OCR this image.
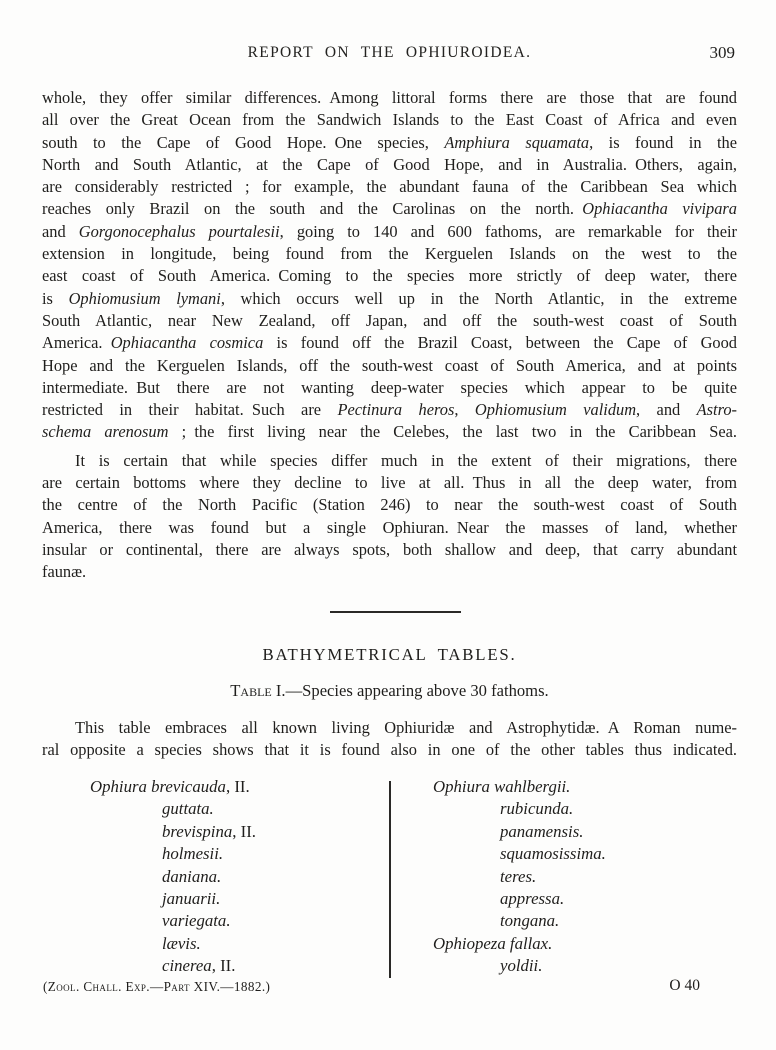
REPORT ON THE OPHIUROIDEA.	309
whole, they offer similar differences. Among littoral forms there are those that are found
all over the Great Ocean from the Sandwich Islands to the East Coast of Africa and even
south to the Cape of Good Hope. One species, Amphiura squamata, is found in the
North and South Atlantic, at the Cape of Good Hope, and in Australia. Others, again,
are considerably restricted ; for example, the abundant fauna of the Caribbean Sea which
reaches only Brazil on the south and the Carolinas on the north. Ophiacantha vivipara
and Gorgonocephalus pourtalesii, going to 140 and 600 fathoms, are remarkable for their
extension in longitude, being found from the Kerguelen Islands on the west to the
east coast of South America. Coming to the species more strictly of deep water, there
is Ophiomusium lymani, which occurs well up in the North Atlantic, in the extreme
South Atlantic, near New Zealand, off Japan, and off the south-west coast of South
America. Ophiacantha cosmica is found off the Brazil Coast, between the Cape of Good
Hope and the Kerguelen Islands, off the south-west coast of South America, and at points
intermediate. But there are not wanting deep-water species which appear to be quite
restricted in their habitat. Such are Pectinura heros, Ophiomusium validum, and Astro-
schema arenosum ; the first living near the Celebes, the last two in the Caribbean Sea.
It is certain that while species differ much in the extent of their migrations, there
are certain bottoms where they decline to live at all. Thus in all the deep water, from
the centre of the North Pacific (Station 246) to near the south-west coast of South
America, there was found but a single Ophiuran. Near the masses of land, whether
insular or continental, there are always spots, both shallow and deep, that carry abundant
faunæ.
BATHYMETRICAL TABLES.
Table I.—Species appearing above 30 fathoms.
This table embraces all known living Ophiuridæ and Astrophytidæ. A Roman nume-
ral opposite a species shows that it is found also in one of the other tables thus indicated.
Ophiura brevicauda, II.
guttata.
brevispina, II.
holmesii.
daniana.
januarii.
variegata.
lævis.
cinerea, II.
Ophiura wahlbergii.
rubicunda.
panamensis.
squamosissima.
teres.
appressa.
tongana.
Ophiopeza fallax.
yoldii.
(Zool. Chall. Exp.—Part XIV.—1882.)	O 40
